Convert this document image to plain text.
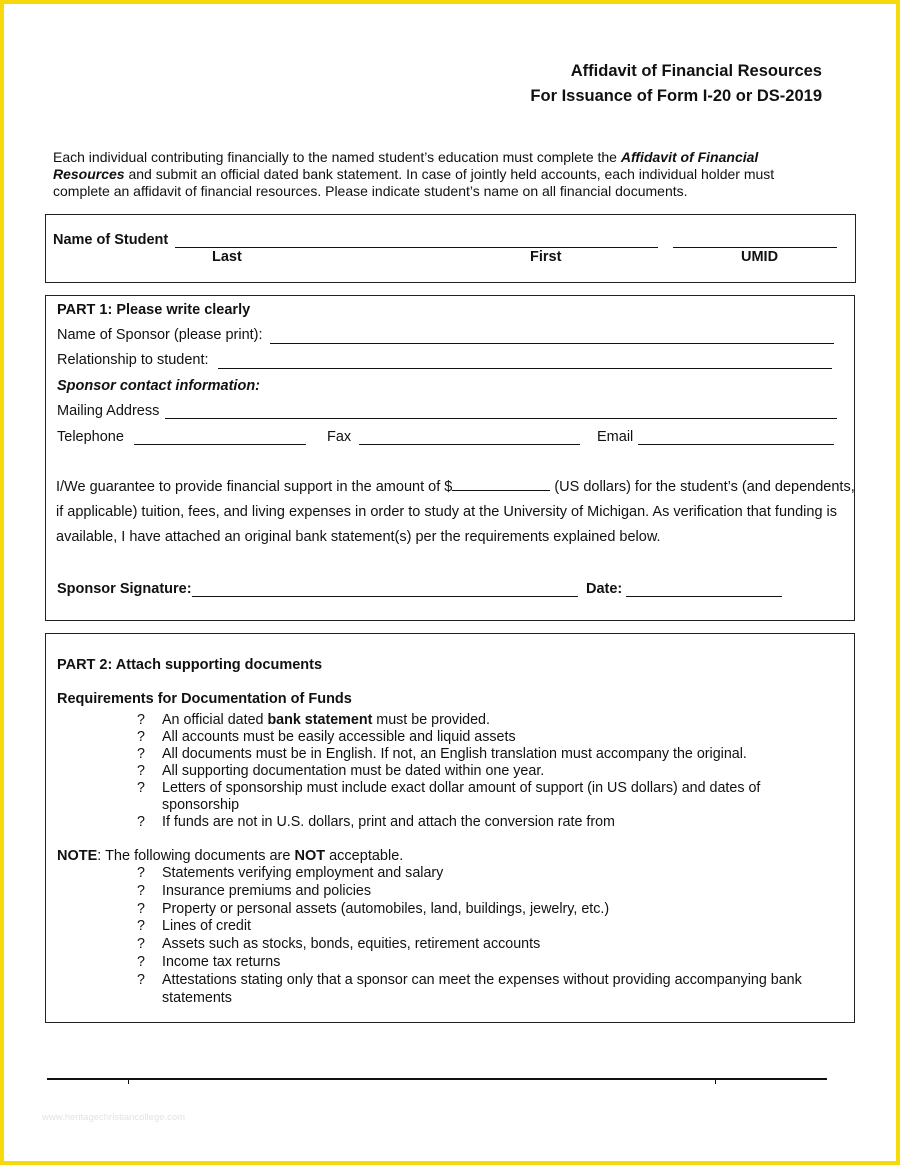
Affidavit of Financial Resources
For Issuance of Form I-20 or DS-2019
Each individual contributing financially to the named student’s education must complete the Affidavit of Financial Resources and submit an official dated bank statement. In case of jointly held accounts, each individual holder must complete an affidavit of financial resources. Please indicate student’s name on all financial documents.
Name of Student
Last	First	UMID
PART 1: Please write clearly
Name of Sponsor (please print):
Relationship to student:
Sponsor contact information:
Mailing Address
Telephone	Fax	Email
I/We guarantee to provide financial support in the amount of $	(US dollars) for the student’s (and dependents, if applicable) tuition, fees, and living expenses in order to study at the University of Michigan. As verification that funding is available, I have attached an original bank statement(s) per the requirements explained below.
Sponsor Signature:	Date:
PART 2: Attach supporting documents
Requirements for Documentation of Funds
? An official dated bank statement must be provided.
? All accounts must be easily accessible and liquid assets
? All documents must be in English. If not, an English translation must accompany the original.
? All supporting documentation must be dated within one year.
? Letters of sponsorship must include exact dollar amount of support (in US dollars) and dates of sponsorship
? If funds are not in U.S. dollars, print and attach the conversion rate from
NOTE: The following documents are NOT acceptable.
? Statements verifying employment and salary
? Insurance premiums and policies
? Property or personal assets (automobiles, land, buildings, jewelry, etc.)
? Lines of credit
? Assets such as stocks, bonds, equities, retirement accounts
? Income tax returns
? Attestations stating only that a sponsor can meet the expenses without providing accompanying bank statements
www.heritagechristiancollege.com
